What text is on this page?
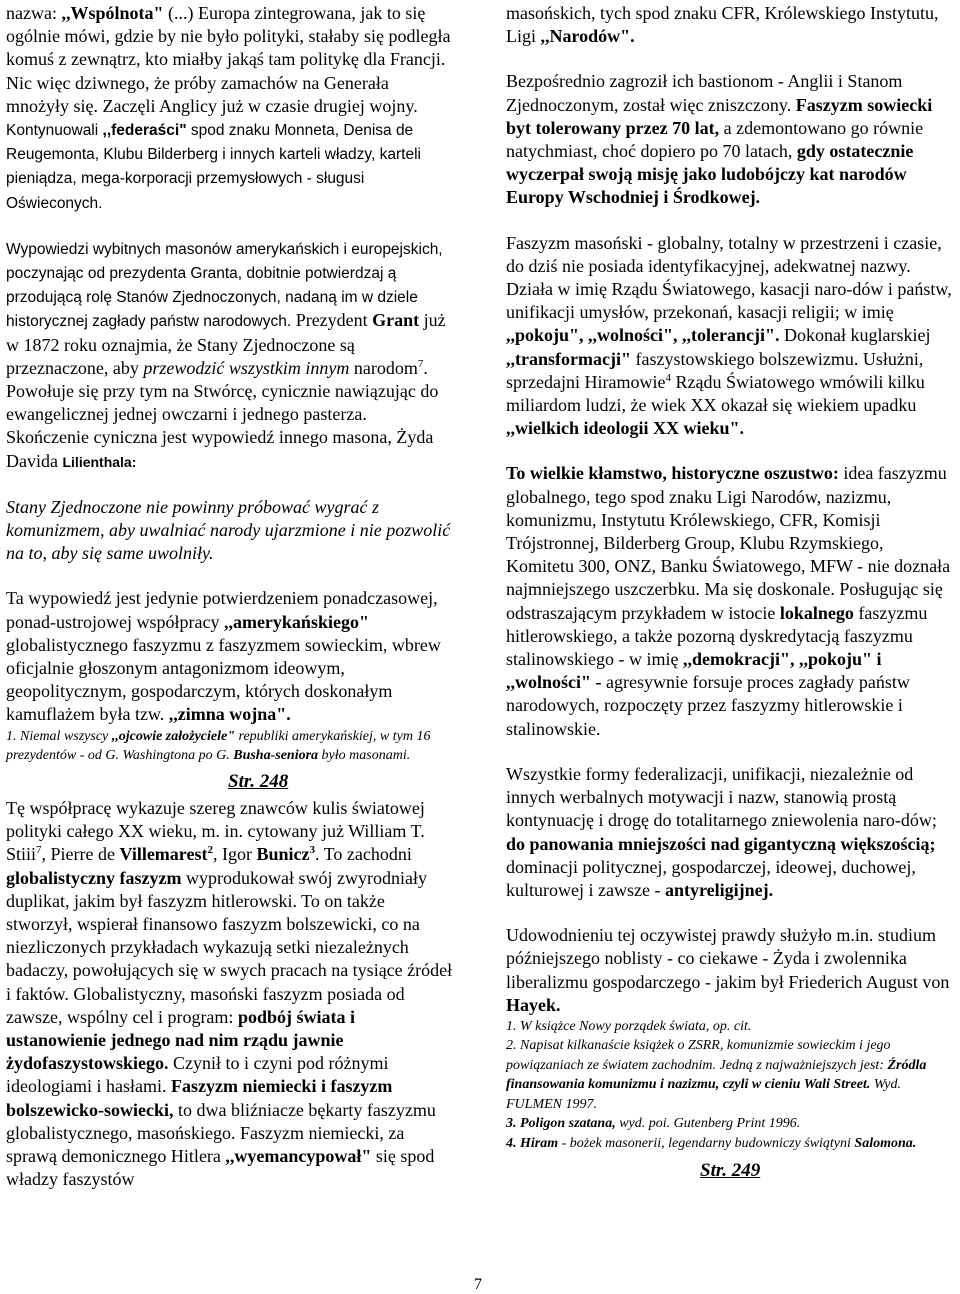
nazwa: ,,Wspólnota" (...) Europa zintegrowana, jak to się ogólnie mówi, gdzie by nie było polityki, stałaby się podległa komuś z zewnątrz, kto miałby jakąś tam politykę dla Francji.
Nic więc dziwnego, że próby zamachów na Generała mnożyły się. Zaczęli Anglicy już w czasie drugiej wojny. Kontynuowali ,,federaści" spod znaku Monneta, Denisa de Reugemonta, Klubu Bilderberg i innych karteli władzy, karteli pieniądza, mega-korporacji przemysłowych - sługusi Oświeconych.

Wypowiedzi wybitnych masonów amerykańskich i europejskich, poczynając od prezydenta Granta, dobitnie potwierdzaj ą przodującą rolę Stanów Zjednoczonych, nadaną im w dziele historycznej zagłady państw narodowych. Prezydent Grant już w 1872 roku oznajmia, że Stany Zjednoczone są przeznaczone, aby przewodzić wszystkim innym narodom$^7$. Powołuje się przy tym na Stwórcę, cynicznie nawiązując do ewangelicznej jednej owczarni i jednego pasterza. Skończenie cyniczna jest wypowiedź innego masona, Żyda Davida Lilienthala:

Stany Zjednoczone nie powinny próbować wygrać z komunizmem, aby uwalniać narody ujarzmione i nie pozwolić na to, aby się same uwolniły.

Ta wypowiedź jest jedynie potwierdzeniem ponadczasowej, ponad-ustrojowej współpracy ,,amerykańskiego" globalistycznego faszyzmu z faszyzmem sowieckim, wbrew oficjalnie głoszonym antagonizmom ideowym, geopolitycznym, gospodarczym, których doskonałym kamuflażem była tzw. ,,zimna wojna".

1. Niemal wszyscy ,,ojcowie założyciele" republiki amerykańskiej, w tym 16 prezydentów - od G. Washingtona po G. Busha-seniora było masonami.
Str. 248

Tę współpracę wykazuje szereg znawców kulis światowej polityki całego XX wieku, m. in. cytowany już William T. Stiii$^7$, Pierre de Villemarest$^2$, Igor Bunicz$^3$. To zachodni globalistyczny faszyzm wyprodukował swój zwyrodniały duplikat, jakim był faszyzm hitlerowski. To on także stworzył, wspierał finansowo faszyzm bolszewicki, co na niezliczonych przykładach wykazują setki niezależnych badaczy, powołujących się w swych pracach na tysiące źródeł i faktów. Globalistyczny, masoński faszyzm posiada od zawsze, wspólny cel i program: podbój świata i ustanowienie jednego nad nim rządu jawnie żydofaszystowskiego. Czynił to i czyni pod różnymi ideologiami i hasłami. Faszyzm niemiecki i faszyzm bolszewicko-sowiecki, to dwa bliźniacze bękarty faszyzmu globalistycznego, masońskiego. Faszyzm niemiecki, za sprawą demonicznego Hitlera ,,wyemancypował" się spod władzy faszystów

7

masońskich, tych spod znaku CFR, Królewskiego Instytutu, Ligi ,,Narodów".

Bezpośrednio zagroził ich bastionom - Anglii i Stanom Zjednoczonym, został więc zniszczony. Faszyzm sowiecki byt tolerowany przez 70 lat, a zdemontowano go równie natychmiast, choć dopiero po 70 latach, gdy ostatecznie wyczerpał swoją misję jako ludobójczy kat narodów Europy Wschodniej i Środkowej.

Faszyzm masoński - globalny, totalny w przestrzeni i czasie, do dziś nie posiada identyfikacyjnej, adekwatnej nazwy. Działa w imię Rządu Światowego, kasacji naro-dów i państw, unifikacji umysłów, przekonań, kasacji religii; w imię ,,pokoju", ,,wolności", ,,tolerancji". Dokonał kuglarskiej ,,transformacji" faszystowskiego bolszewizmu. Usłużni, sprzedajni Hiramowie$^4$ Rządu Światowego wmówili kilku miliardom ludzi, że wiek XX okazał się wiekiem upadku ,,wielkich ideologii XX wieku".

To wielkie kłamstwo, historyczne oszustwo: idea faszyzmu globalnego, tego spod znaku Ligi Narodów, nazizmu, komunizmu, Instytutu Królewskiego, CFR, Komisji Trójstronnej, Bilderberg Group, Klubu Rzymskiego, Komitetu 300, ONZ, Banku Światowego, MFW - nie doznała najmniejszego uszczerbku. Ma się doskonale. Posługując się odstraszającym przykładem w istocie lokalnego faszyzmu hitlerowskiego, a także pozorną dyskredytacją faszyzmu stalinowskiego - w imię ,,demokracji", ,,pokoju" i ,,wolności" - agresywnie forsuje proces zagłady państw narodowych, rozpoczęty przez faszyzmy hitlerowskie i stalinowskie.

Wszystkie formy federalizacji, unifikacji, niezależnie od innych werbalnych motywacji i nazw, stanowią prostą kontynuację i drogę do totalitarnego zniewolenia naro-dów; do panowania mniejszości nad gigantyczną większością; dominacji politycznej, gospodarczej, ideowej, duchowej, kulturowej i zawsze - antyreligijnej.

Udowodnieniu tej oczywistej prawdy służyło m.in. studium późniejszego noblisty - co ciekawe - Żyda i zwolennika liberalizmu gospodarczego - jakim był Friederich August von Hayek.

1. W książce Nowy porządek świata, op. cit.
2. Napisat kilkanaście książek o ZSRR, komunizmie sowieckim i jego powiązaniach ze światem zachodnim. Jedną z najważniejszych jest: Źródla finansowania komunizmu i nazizmu, czyli w cieniu Wali Street. Wyd. FULMEN 1997.
3. Poligon szatana, wyd. poi. Gutenberg Print 1996.
4. Hiram - bożek masonerii, legendarny budowniczy świątyni Salomona.
Str. 249
